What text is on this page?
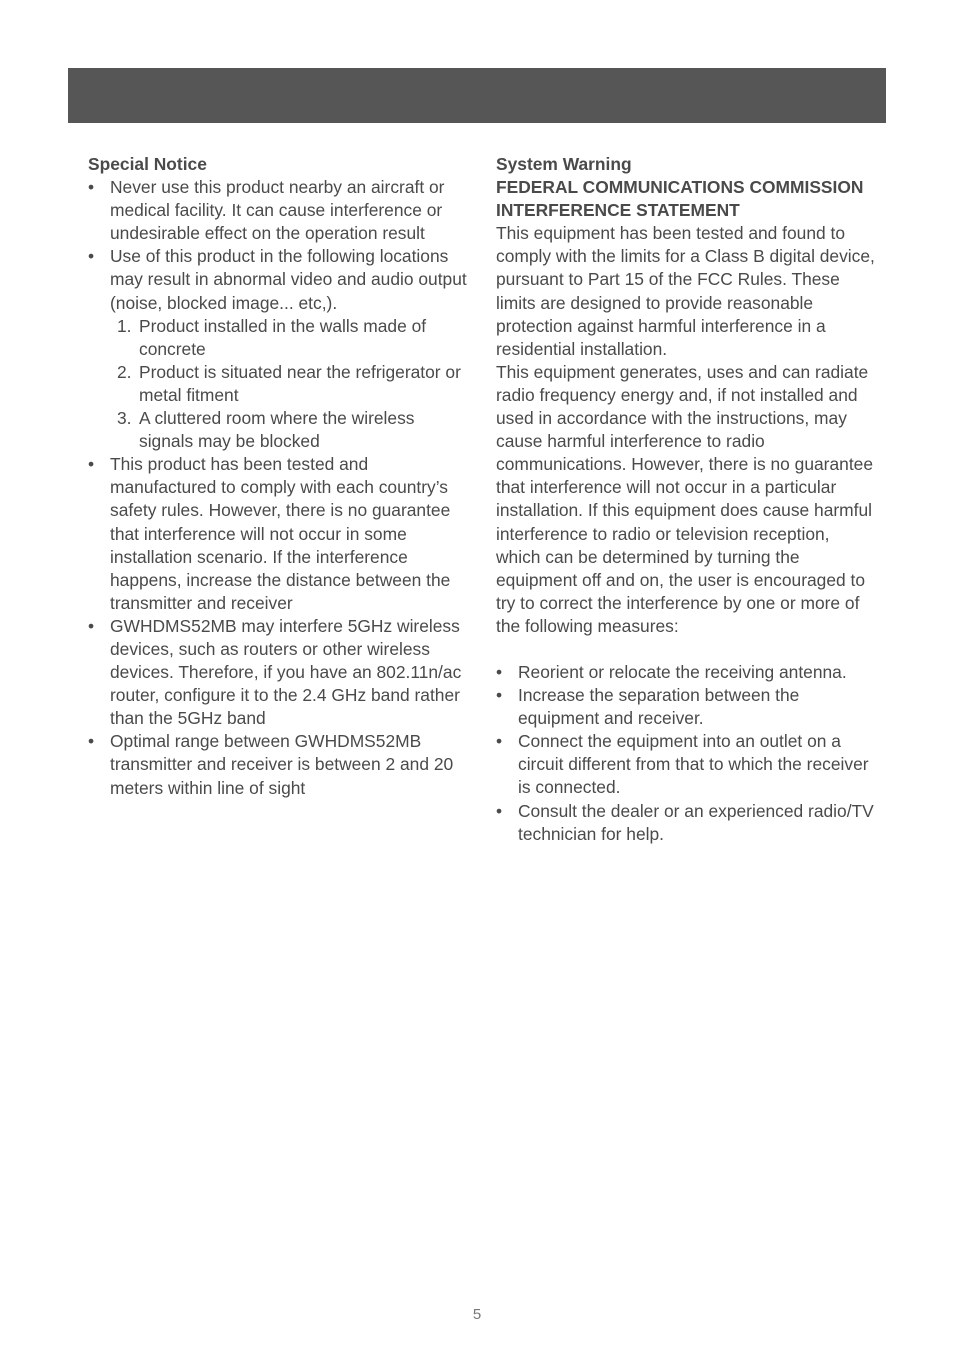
Special Notice

• Never use this product nearby an aircraft or medical facility. It can cause interference or undesirable effect on the operation result
• Use of this product in the following locations may result in abnormal video and audio output (noise, blocked image... etc,).
1. Product installed in the walls made of concrete
2. Product is situated near the refrigerator or metal fitment
3. A cluttered room where the wireless signals may be blocked
• This product has been tested and manufactured to comply with each country’s safety rules. However, there is no guarantee that interference will not occur in some installation scenario. If the interference happens, increase the distance between the transmitter and receiver
• GWHDMS52MB may interfere 5GHz wireless devices, such as routers or other wireless devices. Therefore, if you have an 802.11n/ac router, configure it to the 2.4 GHz band rather than the 5GHz band
• Optimal range between GWHDMS52MB transmitter and receiver is between 2 and 20 meters within line of sight

System Warning

FEDERAL COMMUNICATIONS COMMISSION INTERFERENCE STATEMENT

This equipment has been tested and found to comply with the limits for a Class B digital device, pursuant to Part 15 of the FCC Rules. These limits are designed to provide reasonable protection against harmful interference in a residential installation.

This equipment generates, uses and can radiate radio frequency energy and, if not installed and used in accordance with the instructions, may cause harmful interference to radio communications. However, there is no guarantee that interference will not occur in a particular installation. If this equipment does cause harmful interference to radio or television reception, which can be determined by turning the equipment off and on, the user is encouraged to try to correct the interference by one or more of the following measures:

• Reorient or relocate the receiving antenna.
• Increase the separation between the equipment and receiver.
• Connect the equipment into an outlet on a circuit different from that to which the receiver is connected.
• Consult the dealer or an experienced radio/TV technician for help.
5
